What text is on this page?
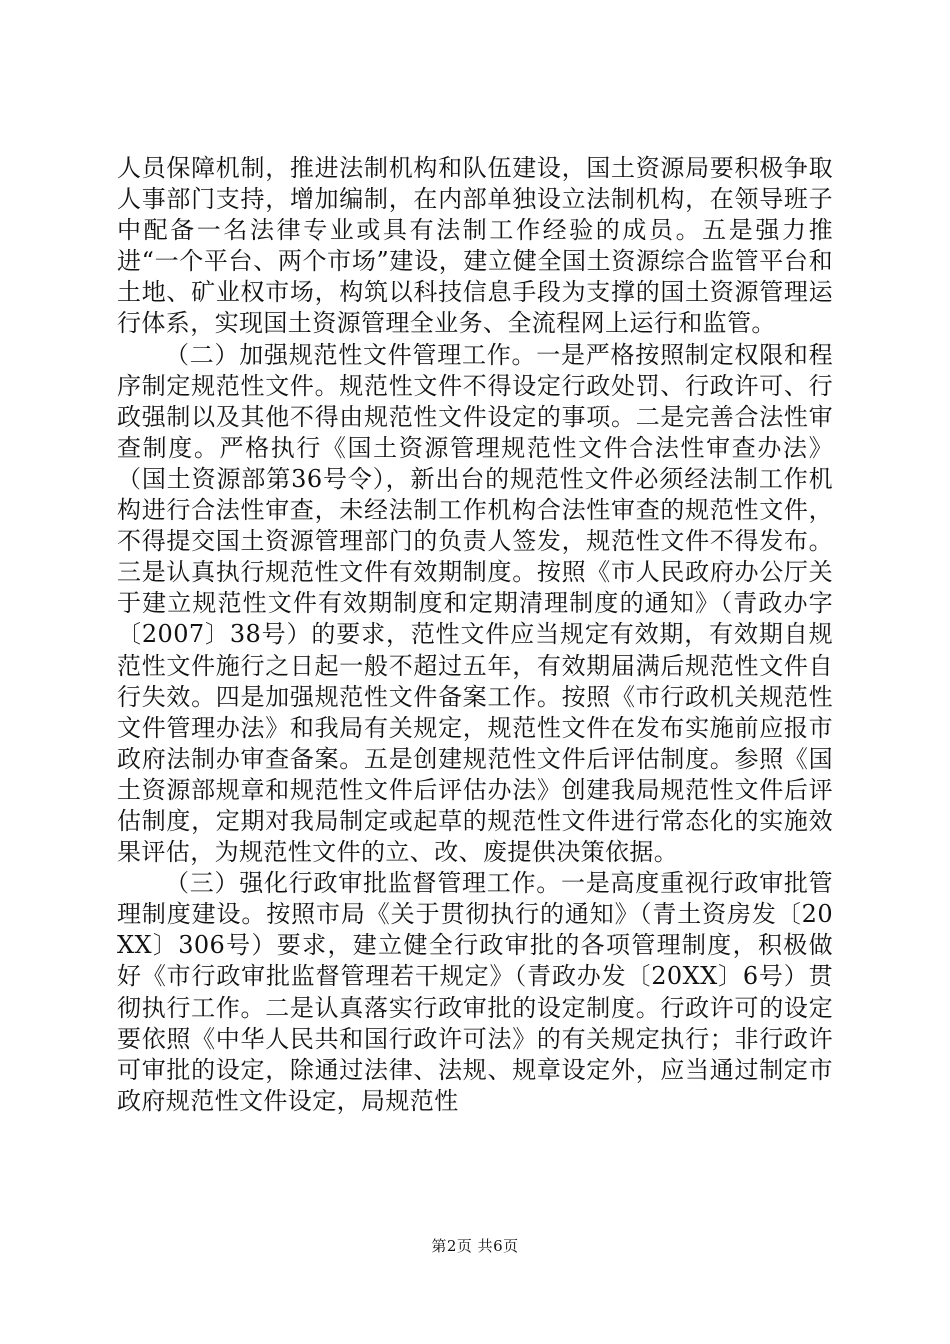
人员保障机制，推进法制机构和队伍建设，国土资源局要积极争取人事部门支持，增加编制，在内部单独设立法制机构，在领导班子中配备一名法律专业或具有法制工作经验的成员。五是强力推进“一个平台、两个市场”建设，建立健全国土资源综合监管平台和土地、矿业权市场，构筑以科技信息手段为支撑的国土资源管理运行体系，实现国土资源管理全业务、全流程网上运行和监管。

（二）加强规范性文件管理工作。一是严格按照制定权限和程序制定规范性文件。规范性文件不得设定行政处罚、行政许可、行政强制以及其他不得由规范性文件设定的事项。二是完善合法性审查制度。严格执行《国土资源管理规范性文件合法性审查办法》（国土资源部第36号令），新出台的规范性文件必须经法制工作机构进行合法性审查，未经法制工作机构合法性审查的规范性文件，不得提交国土资源管理部门的负责人签发，规范性文件不得发布。三是认真执行规范性文件有效期制度。按照《市人民政府办公厅关于建立规范性文件有效期制度和定期清理制度的通知》（青政办字〔2007〕38号）的要求，范性文件应当规定有效期，有效期自规范性文件施行之日起一般不超过五年，有效期届满后规范性文件自行失效。四是加强规范性文件备案工作。按照《市行政机关规范性文件管理办法》和我局有关规定，规范性文件在发布实施前应报市政府法制办审查备案。五是创建规范性文件后评估制度。参照《国土资源部规章和规范性文件后评估办法》创建我局规范性文件后评估制度，定期对我局制定或起草的规范性文件进行常态化的实施效果评估，为规范性文件的立、改、废提供决策依据。

（三）强化行政审批监督管理工作。一是高度重视行政审批管理制度建设。按照市局《关于贯彻执行的通知》（青土资房发〔20XX〕306号）要求，建立健全行政审批的各项管理制度，积极做好《市行政审批监督管理若干规定》（青政办发〔20XX〕6号）贯彻执行工作。二是认真落实行政审批的设定制度。行政许可的设定要依照《中华人民共和国行政许可法》的有关规定执行；非行政许可审批的设定，除通过法律、法规、规章设定外，应当通过制定市政府规范性文件设定，局规范性

第2页 共6页
